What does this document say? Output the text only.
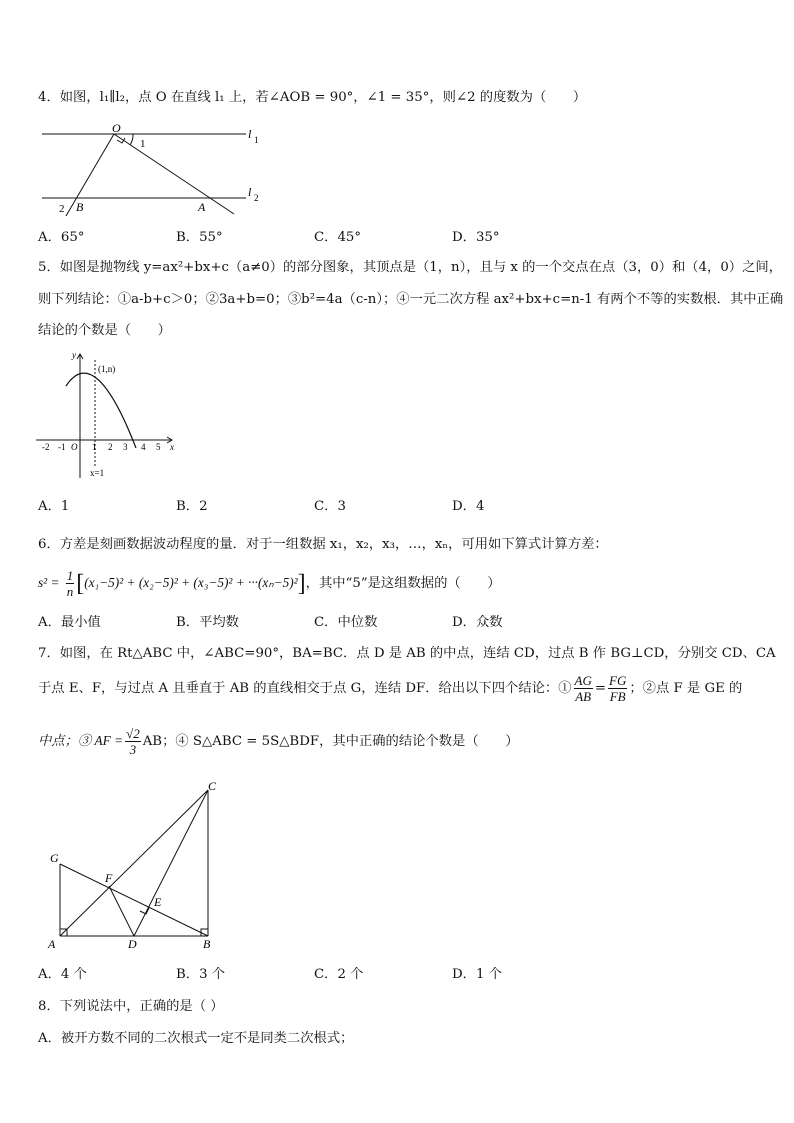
4．如图，l₁∥l₂，点 O 在直线 l₁ 上，若∠AOB = 90°，∠1 = 35°，则∠2 的度数为（　　）
O
1
2 B	A
l 1
l 2
A．65°	B．55°	C．45°	D．35°
5．如图是抛物线 y=ax²+bx+c（a≠0）的部分图象，其顶点是（1，n），且与 x 的一个交点在点（3，0）和（4，0）之间，
则下列结论：①a-b+c＞0；②3a+b=0；③b²=4a（c-n）；④一元二次方程 ax²+bx+c=n-1 有两个不等的实数根．其中正确
结论的个数是（　　）
y
(1,n)
x
O
-2 -1	1 2 3 4 5
x=1
A．1	B．2	C．3	D．4
6．方差是刻画数据波动程度的量．对于一组数据 x₁，x₂，x₃，…，xₙ，可用如下算式计算方差：
$s^2 = \frac{1}{n} [(x_1-5)^2 + (x_2-5)^2 + (x_3-5)^2 + \cdot\cdot\cdot(x_n-5)^2]$，其中“5”是这组数据的（　　）
A．最小值	B．平均数	C．中位数	D．众数
7．如图，在 Rt△ABC 中，∠ABC=90°，BA=BC．点 D 是 AB 的中点，连结 CD，过点 B 作 BG⊥CD，分别交 CD、CA
于点 E、F，与过点 A 且垂直于 AB 的直线相交于点 G，连结 DF．给出以下四个结论：① $\frac{AG}{AB} = \frac{FG}{FB}$ ；②点 F 是 GE 的
中点；③ AF = $\frac{√2}{3}$ AB；④ S△ABC = 5S△BDF，其中正确的结论个数是（　　）
C
G
F
E
A	D	B
A．4 个	B．3 个	C．2 个	D．1 个
8．下列说法中，正确的是（ ）
A．被开方数不同的二次根式一定不是同类二次根式；
